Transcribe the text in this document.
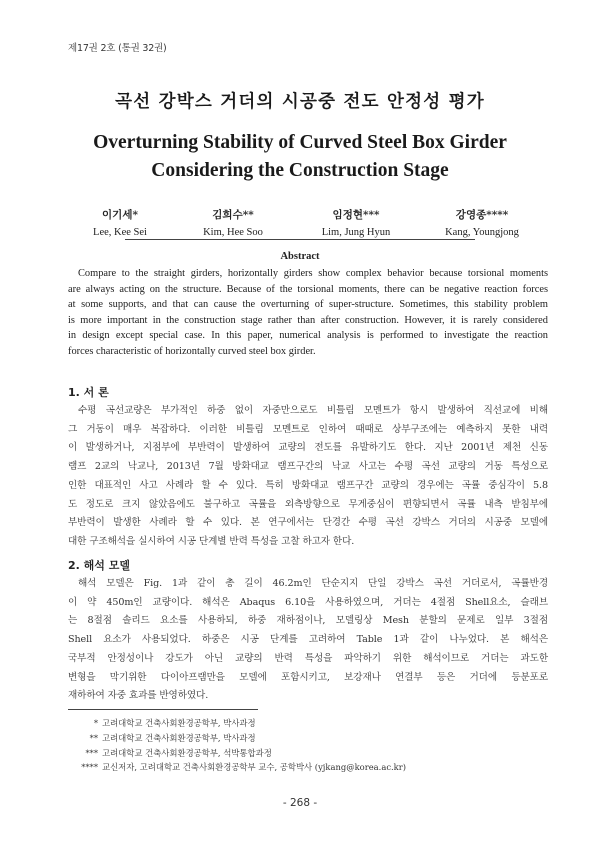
제17권 2호 (통권 32권)
곡선 강박스 거더의 시공중 전도 안정성 평가
Overturning Stability of Curved Steel Box Girder
Considering the Construction Stage
이기세*
Lee, Kee Sei
김희수**
Kim, Hee Soo
임정현***
Lim, Jung Hyun
강영종****
Kang, Youngjong
Abstract
Compare to the straight girders, horizontally girders show complex behavior because torsional moments
are always acting on the structure. Because of the torsional moments, there can be negative reaction forces
at some supports, and that can cause the overturning of super-structure. Sometimes, this stability problem
is more important in the construction stage rather than after construction. However, it is rarely considered
in design except special case. In this paper, numerical analysis is performed to investigate the reaction
forces characteristic of horizontally curved steel box girder.
1. 서 론
수평 곡선교량은 부가적인 하중 없이 자중만으로도 비틀림 모멘트가 항시 발생하여 직선교에 비해
그 거동이 매우 복잡하다. 이러한 비틀림 모멘트로 인하여 때때로 상부구조에는 예측하지 못한 내력
이 발생하거나, 지점부에 부반력이 발생하여 교량의 전도를 유발하기도 한다. 지난 2001년 제천 신동
램프 2교의 낙교나, 2013년 7월 방화대교 램프구간의 낙교 사고는 수평 곡선 교량의 거동 특성으로
인한 대표적인 사고 사례라 할 수 있다. 특히 방화대교 램프구간 교량의 경우에는 곡률 중심각이 5.8
도 정도로 크지 않았음에도 불구하고 곡률을 외측방향으로 무게중심이 편향되면서 곡률 내측 받침부에
부반력이 발생한 사례라 할 수 있다. 본 연구에서는 단경간 수평 곡선 강박스 거더의 시공중 모델에
대한 구조해석을 실시하여 시공 단계별 반력 특성을 고찰 하고자 한다.
2. 해석 모델
해석 모델은 Fig. 1과 같이 총 길이 46.2m인 단순지지 단일 강박스 곡선 거더로서, 곡률반경
이 약 450m인 교량이다. 해석은 Abaqus 6.10을 사용하였으며, 거더는 4절점 Shell요소, 슬래브
는 8절점 솔리드 요소를 사용하되, 하중 재하점이나, 모델링상 Mesh 분할의 문제로 일부 3절점
Shell 요소가 사용되었다. 하중은 시공 단계를 고려하여 Table 1과 같이 나누었다. 본 해석은
국부적 안정성이나 강도가 아닌 교량의 반력 특성을 파악하기 위한 해석이므로 거더는 과도한
변형을 막기위한 다이아프램만을 모델에 포함시키고, 보강재나 연결부 등은 거더에 등분포로
재하하여 자중 효과를 반영하였다.
* 고려대학교 건축사회환경공학부, 박사과정
** 고려대학교 건축사회환경공학부, 박사과정
*** 고려대학교 건축사회환경공학부, 석박통합과정
**** 교신저자, 고려대학교 건축사회환경공학부 교수, 공학박사 (yjkang@korea.ac.kr)
- 268 -
